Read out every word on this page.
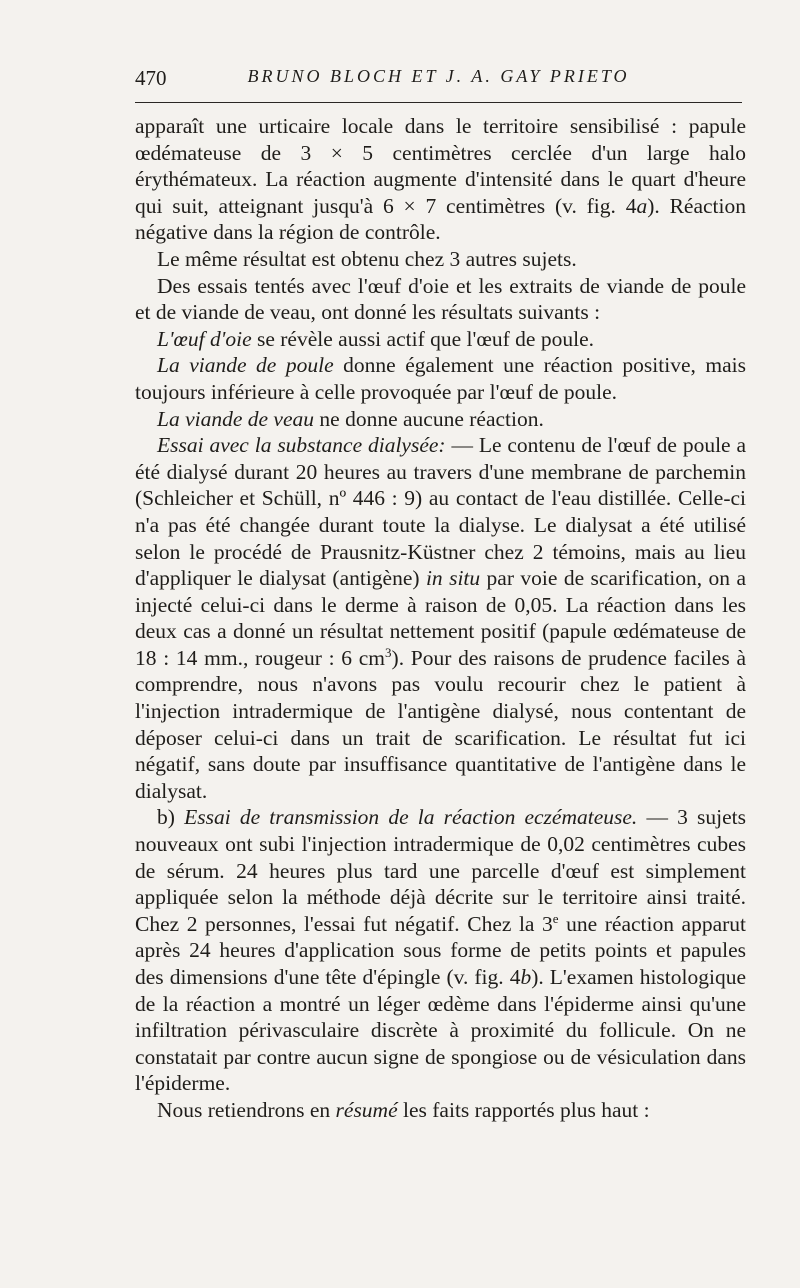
470	BRUNO BLOCH ET J. A. GAY PRIETO

apparaît une urticaire locale dans le territoire sensibilisé : papule œdémateuse de 3 × 5 centimètres cerclée d'un large halo érythémateux. La réaction augmente d'intensité dans le quart d'heure qui suit, atteignant jusqu'à 6 × 7 centimètres (v. fig. 4a). Réaction négative dans la région de contrôle.

Le même résultat est obtenu chez 3 autres sujets.

Des essais tentés avec l'œuf d'oie et les extraits de viande de poule et de viande de veau, ont donné les résultats suivants :

L'œuf d'oie se révèle aussi actif que l'œuf de poule.

La viande de poule donne également une réaction positive, mais toujours inférieure à celle provoquée par l'œuf de poule.

La viande de veau ne donne aucune réaction.

Essai avec la substance dialysée: — Le contenu de l'œuf de poule a été dialysé durant 20 heures au travers d'une membrane de parchemin (Schleicher et Schüll, nº 446 : 9) au contact de l'eau distillée. Celle-ci n'a pas été changée durant toute la dialyse. Le dialysat a été utilisé selon le procédé de Prausnitz-Küstner chez 2 témoins, mais au lieu d'appliquer le dialysat (antigène) in situ par voie de scarification, on a injecté celui-ci dans le derme à raison de 0,05. La réaction dans les deux cas a donné un résultat nettement positif (papule œdémateuse de 18 : 14 mm., rougeur : 6 $cm^3$). Pour des raisons de prudence faciles à comprendre, nous n'avons pas voulu recourir chez le patient à l'injection intradermique de l'antigène dialysé, nous contentant de déposer celui-ci dans un trait de scarification. Le résultat fut ici négatif, sans doute par insuffisance quantitative de l'antigène dans le dialysat.

b) Essai de transmission de la réaction eczémateuse. — 3 sujets nouveaux ont subi l'injection intradermique de 0,02 centimètres cubes de sérum. 24 heures plus tard une parcelle d'œuf est simplement appliquée selon la méthode déjà décrite sur le territoire ainsi traité. Chez 2 personnes, l'essai fut négatif. Chez la 3e une réaction apparut après 24 heures d'application sous forme de petits points et papules des dimensions d'une tête d'épingle (v. fig. 4b). L'examen histologique de la réaction a montré un léger œdème dans l'épiderme ainsi qu'une infiltration périvasculaire discrète à proximité du follicule. On ne constatait par contre aucun signe de spongiose ou de vésiculation dans l'épiderme.

Nous retiendrons en résumé les faits rapportés plus haut :
